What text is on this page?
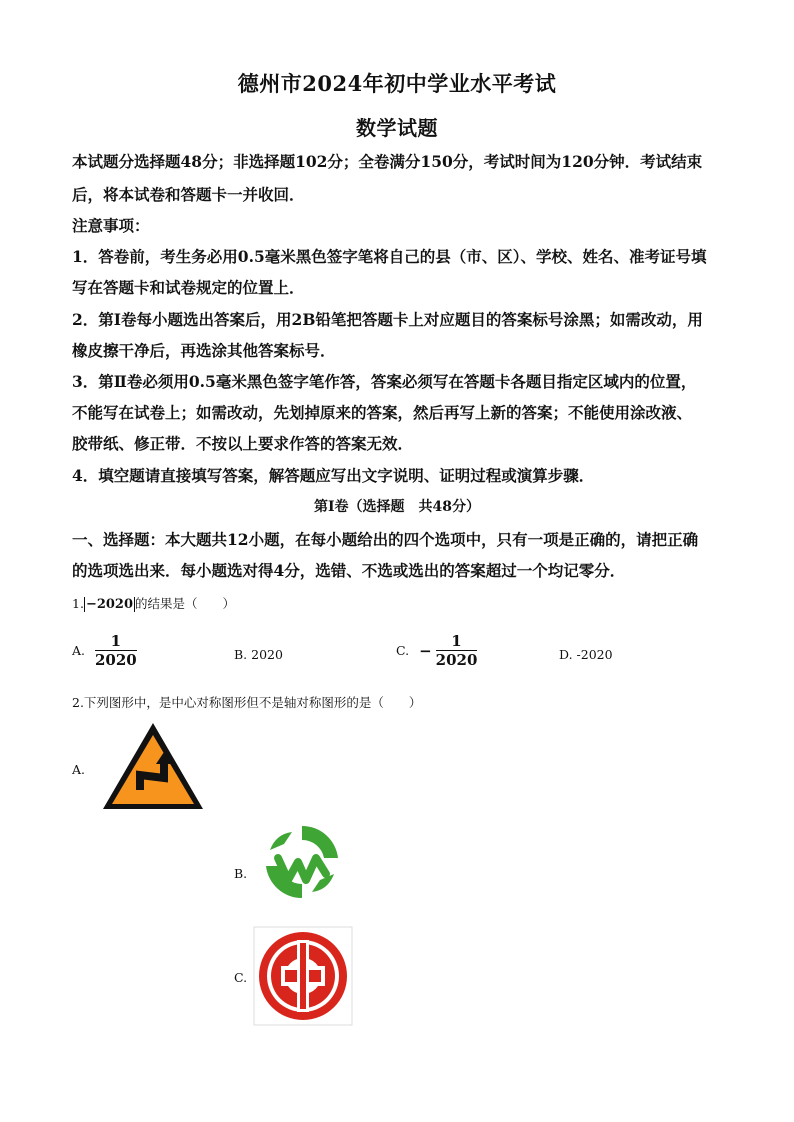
德州市2024年初中学业水平考试
数学试题
本试题分选择题48分；非选择题102分；全卷满分150分，考试时间为120分钟．考试结束
后，将本试卷和答题卡一并收回．
注意事项：
1．答卷前，考生务必用0.5毫米黑色签字笔将自己的县（市、区）、学校、姓名、准考证号填
写在答题卡和试卷规定的位置上．
2．第Ⅰ卷每小题选出答案后，用2B铅笔把答题卡上对应题目的答案标号涂黑；如需改动，用
橡皮擦干净后，再选涂其他答案标号．
3．第Ⅱ卷必须用0.5毫米黑色签字笔作答，答案必须写在答题卡各题目指定区域内的位置，
不能写在试卷上；如需改动，先划掉原来的答案，然后再写上新的答案；不能使用涂改液、
胶带纸、修正带．不按以上要求作答的答案无效．
4．填空题请直接填写答案，解答题应写出文字说明、证明过程或演算步骤．
第Ⅰ卷（选择题　共48分）
一、选择题：本大题共12小题，在每小题给出的四个选项中，只有一项是正确的，请把正确
的选项选出来．每小题选对得4分，选错、不选或选出的答案超过一个均记零分．
1. −2020 的结果是（　　）
A. $\frac{1}{2020}$	B. 2020	C. − $\frac{1}{2020}$	D. -2020
2.下列图形中，是中心对称图形但不是轴对称图形的是（　　）
A.
B.
C.
